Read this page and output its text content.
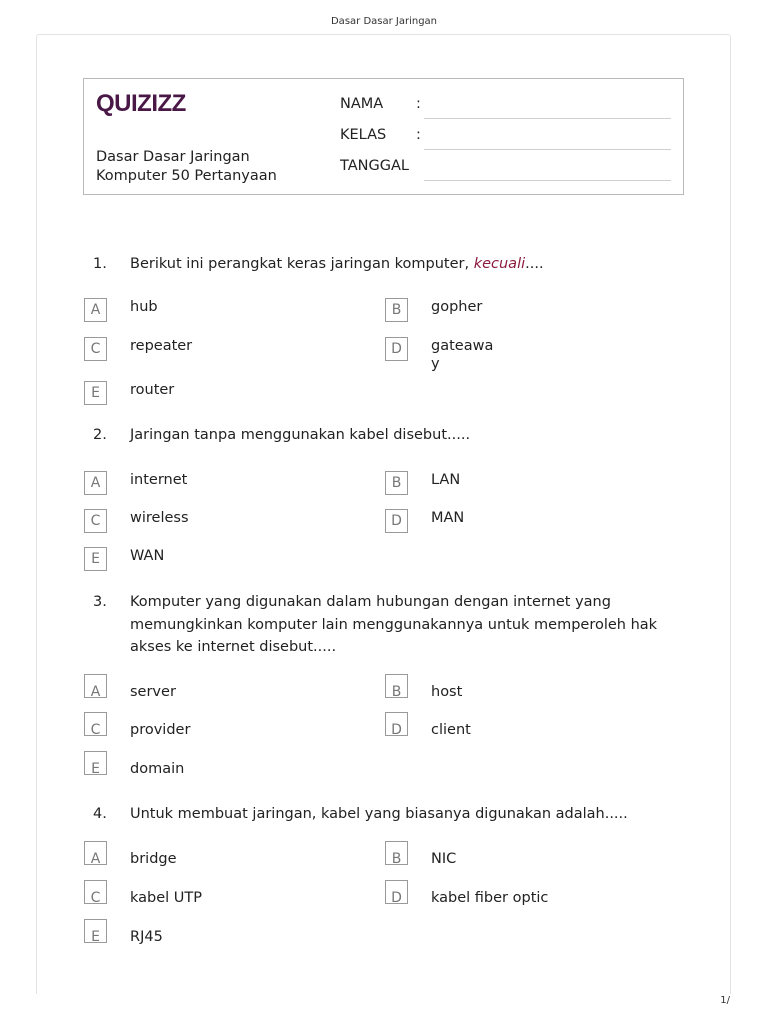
Dasar Dasar Jaringan
QUIZIZZ
Dasar Dasar Jaringan Komputer 50 Pertanyaan
NAMA :
KELAS :
TANGGAL
1. Berikut ini perangkat keras jaringan komputer, kecuali....
A	hub	B	gopher
C	repeater	D	gateaway
E	router
2. Jaringan tanpa menggunakan kabel disebut.....
A	internet	B	LAN
C	wireless	D	MAN
E	WAN
3. Komputer yang digunakan dalam hubungan dengan internet yang memungkinkan komputer lain menggunakannya untuk memperoleh hak akses ke internet disebut.....
A	server	B	host
C	provider	D	client
E	domain
4. Untuk membuat jaringan, kabel yang biasanya digunakan adalah.....
A	bridge	B	NIC
C	kabel UTP	D	kabel fiber optic
E	RJ45
1/
